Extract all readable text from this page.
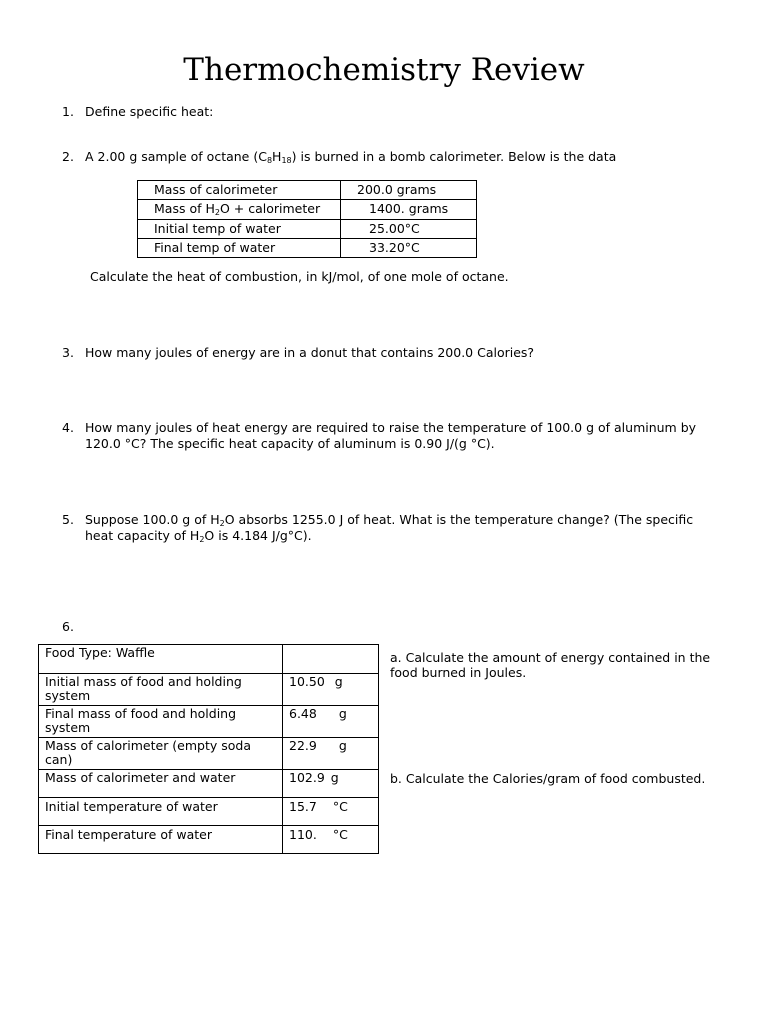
Thermochemistry Review
1. Define specific heat:
2. A 2.00 g sample of octane $(C_8H_{18})$ is burned in a bomb calorimeter. Below is the data
Mass of calorimeter	200.0 grams
Mass of $H_2O$ + calorimeter	1400. grams
Initial temp of water	25.00°C
Final temp of water	33.20°C
Calculate the heat of combustion, in kJ/mol, of one mole of octane.
3. How many joules of energy are in a donut that contains 200.0 Calories?
4. How many joules of heat energy are required to raise the temperature of 100.0 g of aluminum by
120.0 °C? The specific heat capacity of aluminum is 0.90 J/(g °C).
5. Suppose 100.0 g of $H_2O$ absorbs 1255.0 J of heat. What is the temperature change? (The specific
heat capacity of $H_2O$ is 4.184 J/g°C).
6.
Food Type: Waffle	
Initial mass of food and holding system	10.50 g
Final mass of food and holding system	6.48 g
Mass of calorimeter (empty soda can)	22.9 g
Mass of calorimeter and water	102.9 g
Initial temperature of water	15.7 °C
Final temperature of water	110. °C
a. Calculate the amount of energy contained in the food burned in Joules.
b. Calculate the Calories/gram of food combusted.
